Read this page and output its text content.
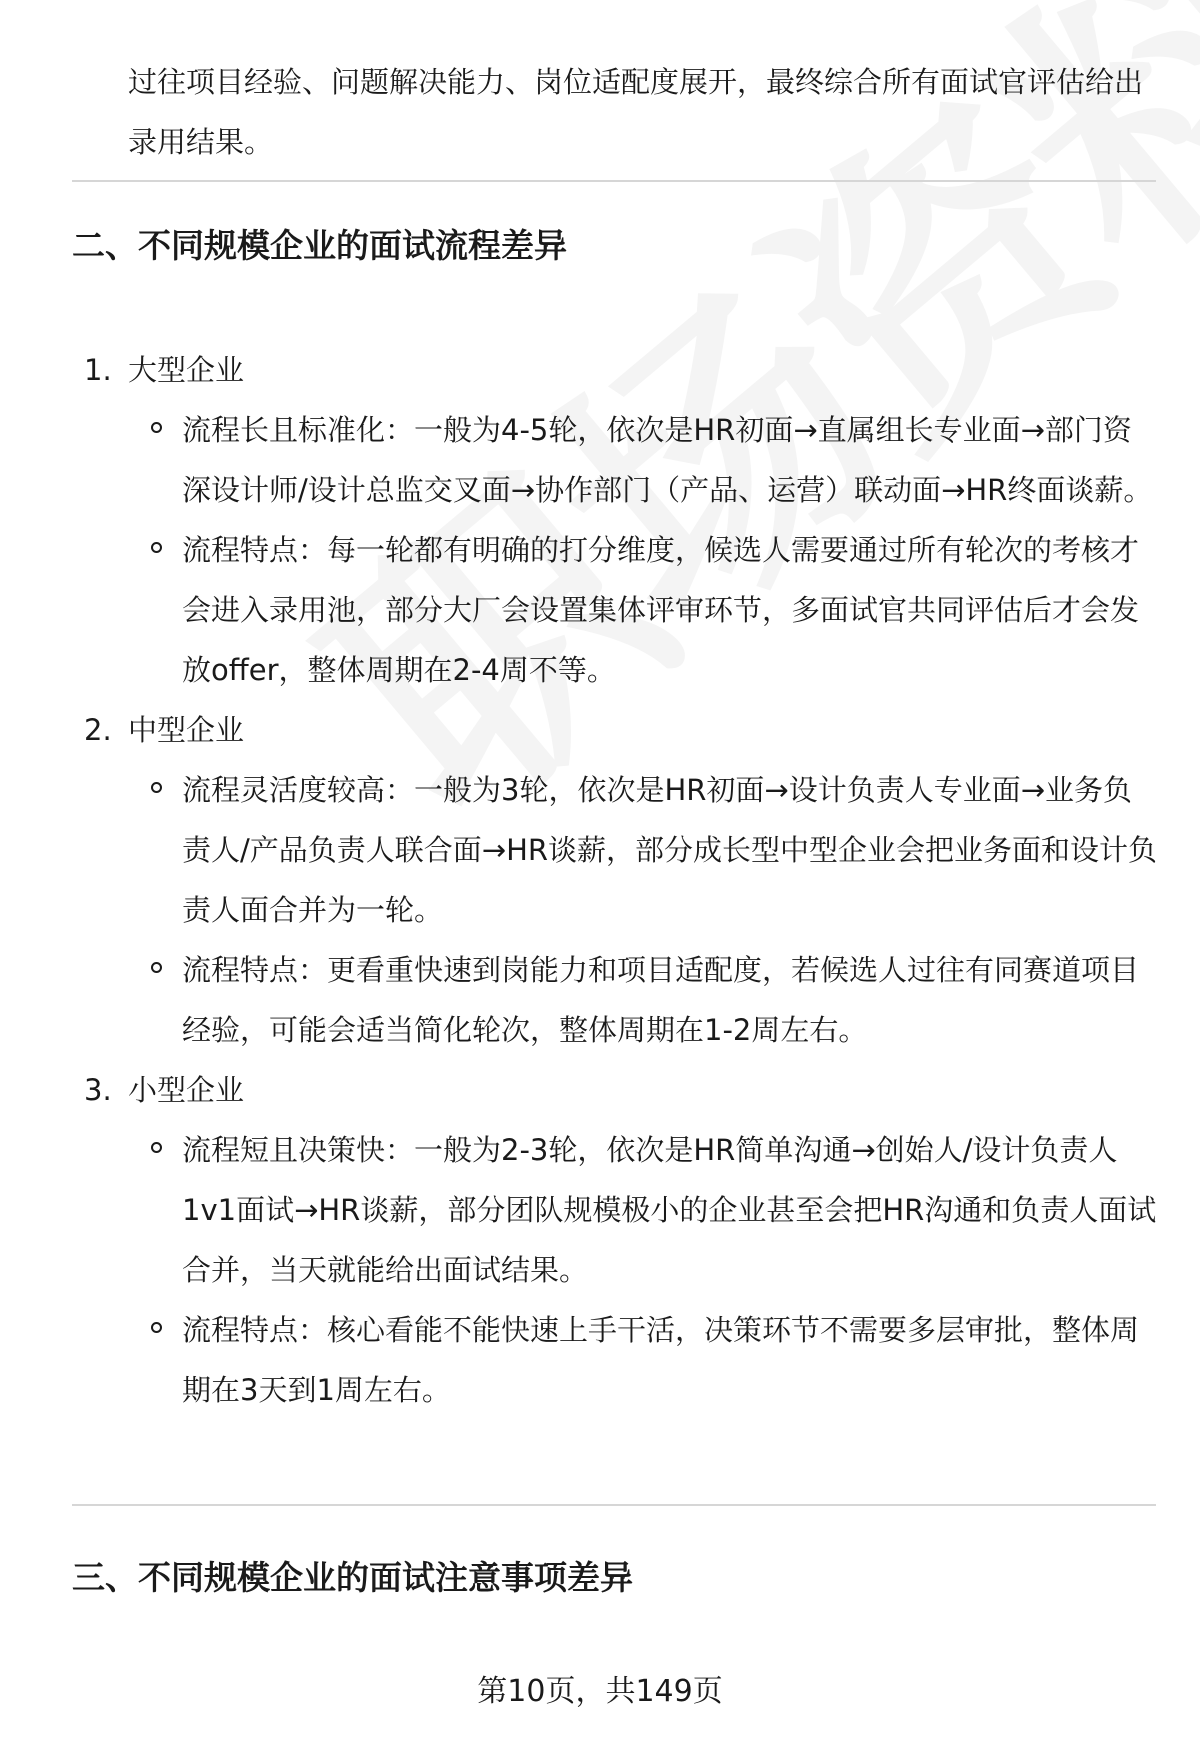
过往项目经验、问题解决能力、岗位适配度展开，最终综合所有面试官评估给出录用结果。

二、不同规模企业的面试流程差异
1. 大型企业
流程长且标准化：一般为4-5轮，依次是HR初面→直属组长专业面→部门资深设计师/设计总监交叉面→协作部门（产品、运营）联动面→HR终面谈薪。
流程特点：每一轮都有明确的打分维度，候选人需要通过所有轮次的考核才会进入录用池，部分大厂会设置集体评审环节，多面试官共同评估后才会发放offer，整体周期在2-4周不等。
2. 中型企业
流程灵活度较高：一般为3轮，依次是HR初面→设计负责人专业面→业务负责人/产品负责人联合面→HR谈薪，部分成长型中型企业会把业务面和设计负责人面合并为一轮。
流程特点：更看重快速到岗能力和项目适配度，若候选人过往有同赛道项目经验，可能会适当简化轮次，整体周期在1-2周左右。
3. 小型企业
流程短且决策快：一般为2-3轮，依次是HR简单沟通→创始人/设计负责人1v1面试→HR谈薪，部分团队规模极小的企业甚至会把HR沟通和负责人面试合并，当天就能给出面试结果。
流程特点：核心看能不能快速上手干活，决策环节不需要多层审批，整体周期在3天到1周左右。
三、不同规模企业的面试注意事项差异
第10页，共149页
